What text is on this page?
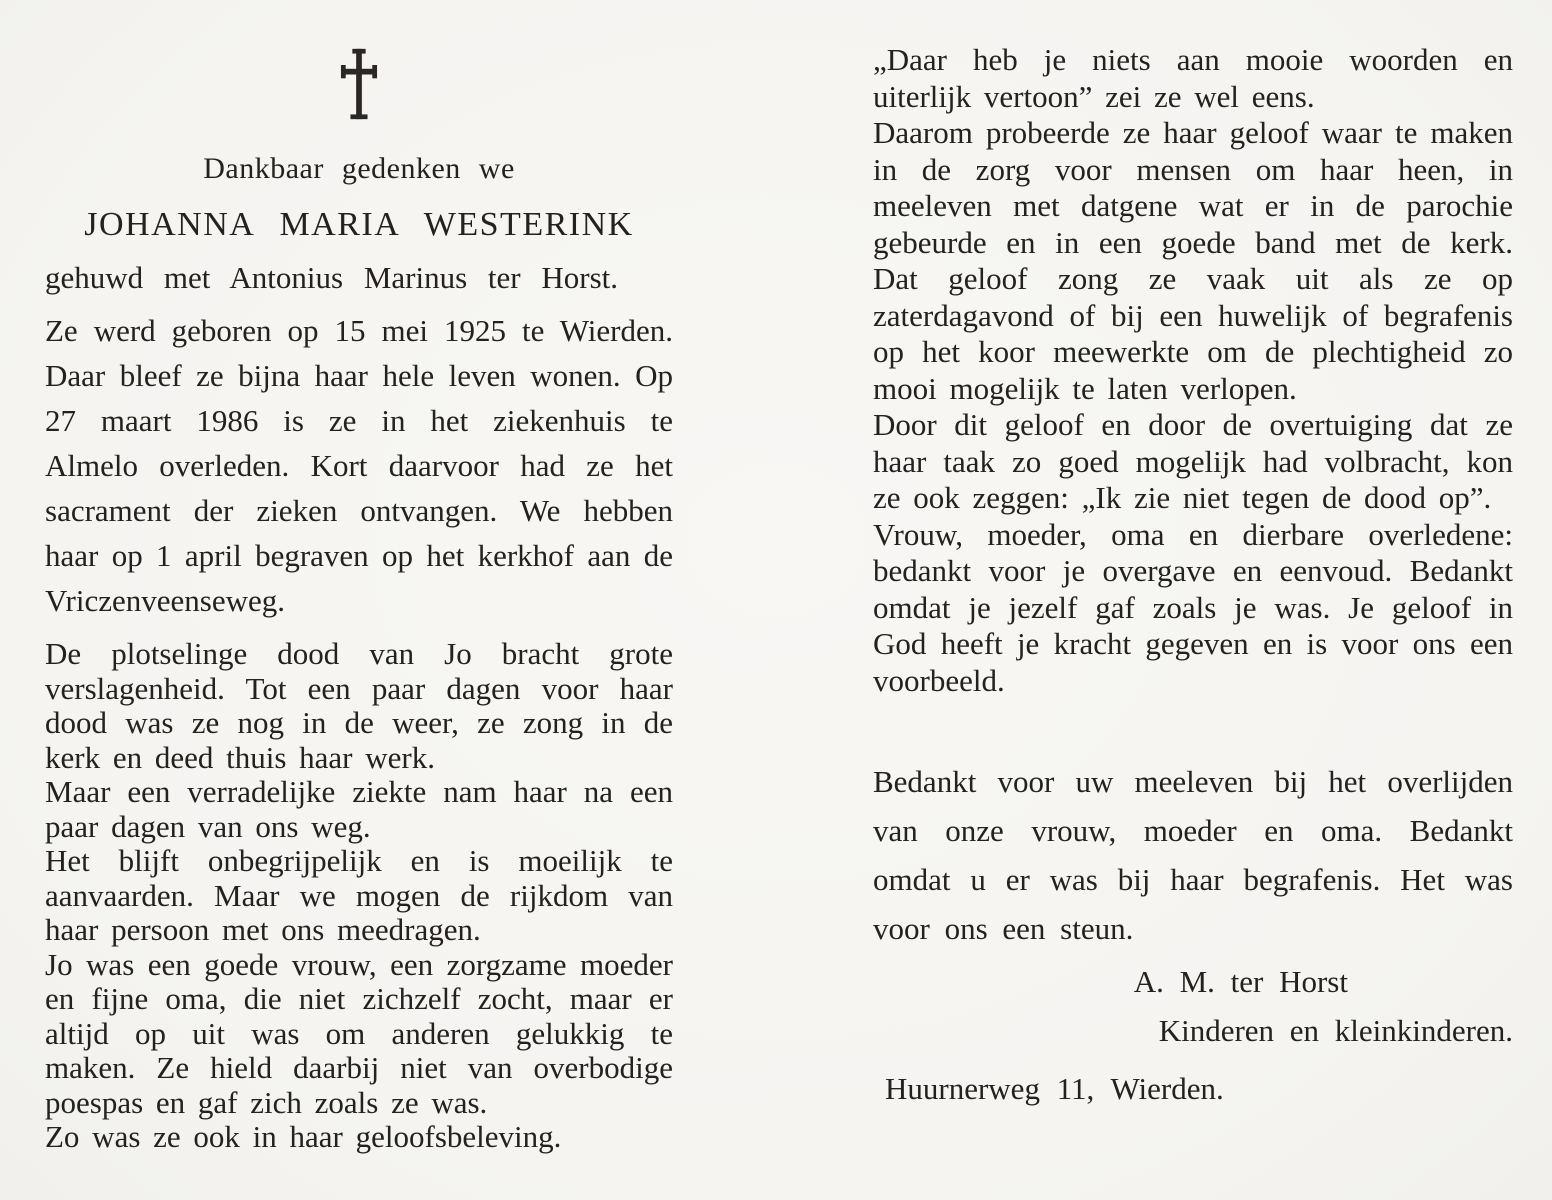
Dankbaar gedenken we
JOHANNA MARIA WESTERINK
gehuwd met Antonius Marinus ter Horst.

Ze werd geboren op 15 mei 1925 te Wierden. Daar bleef ze bijna haar hele leven wonen. Op 27 maart 1986 is ze in het ziekenhuis te Almelo overleden. Kort daarvoor had ze het sacrament der zieken ontvangen. We hebben haar op 1 april begraven op het kerkhof aan de Vriczenveenseweg.

De plotselinge dood van Jo bracht grote verslagenheid. Tot een paar dagen voor haar dood was ze nog in de weer, ze zong in de kerk en deed thuis haar werk.

Maar een verradelijke ziekte nam haar na een paar dagen van ons weg.

Het blijft onbegrijpelijk en is moeilijk te aanvaarden. Maar we mogen de rijkdom van haar persoon met ons meedragen.

Jo was een goede vrouw, een zorgzame moeder en fijne oma, die niet zichzelf zocht, maar er altijd op uit was om anderen gelukkig te maken. Ze hield daarbij niet van overbodige poespas en gaf zich zoals ze was.

Zo was ze ook in haar geloofsbeleving.

„Daar heb je niets aan mooie woorden en uiterlijk vertoon” zei ze wel eens.

Daarom probeerde ze haar geloof waar te maken in de zorg voor mensen om haar heen, in meeleven met datgene wat er in de parochie gebeurde en in een goede band met de kerk. Dat geloof zong ze vaak uit als ze op zaterdagavond of bij een huwelijk of begrafenis op het koor meewerkte om de plechtigheid zo mooi mogelijk te laten verlopen.

Door dit geloof en door de overtuiging dat ze haar taak zo goed mogelijk had volbracht, kon ze ook zeggen: „Ik zie niet tegen de dood op”.

Vrouw, moeder, oma en dierbare overledene: bedankt voor je overgave en eenvoud. Bedankt omdat je jezelf gaf zoals je was. Je geloof in God heeft je kracht gegeven en is voor ons een voorbeeld.

Bedankt voor uw meeleven bij het overlijden van onze vrouw, moeder en oma. Bedankt omdat u er was bij haar begrafenis. Het was voor ons een steun.

A. M. ter Horst
Kinderen en kleinkinderen.
Huurnerweg 11, Wierden.
